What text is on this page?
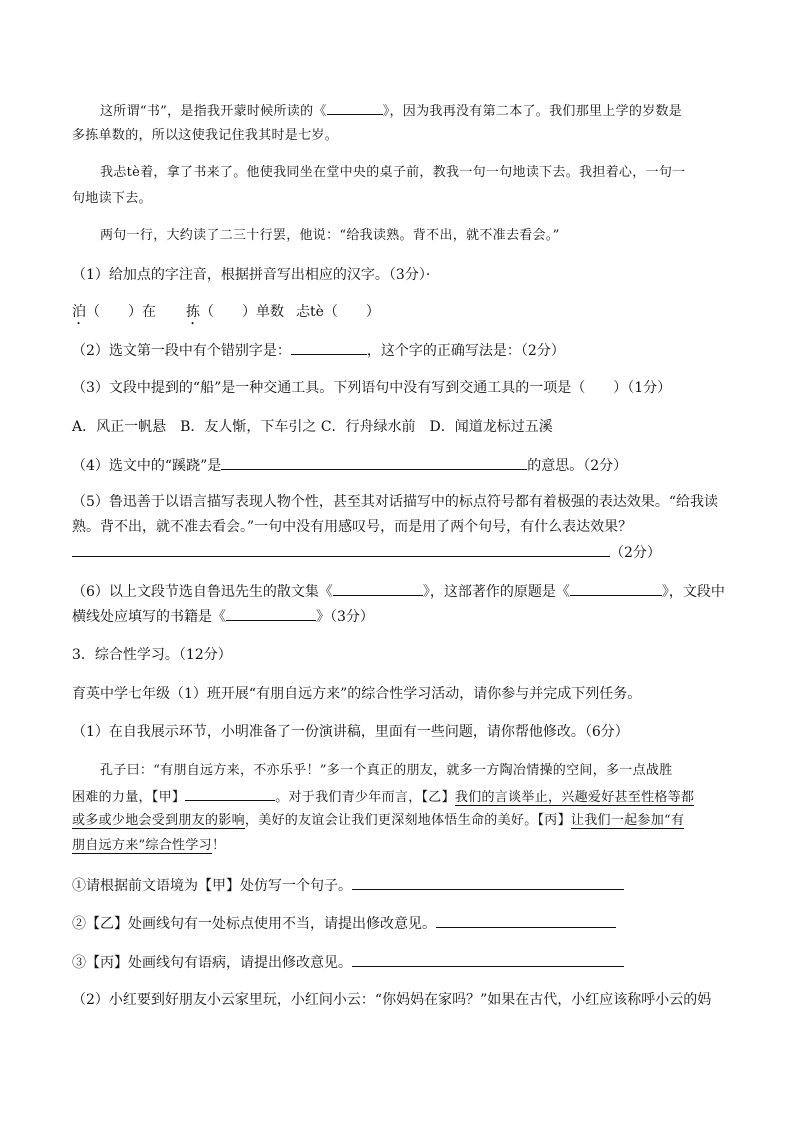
这所谓“书”，是指我开蒙时候所读的《	》，因为我再没有第二本了。我们那里上学的岁数是
多拣单数的，所以这使我记住我其时是七岁。
我忐tè着，拿了书来了。他使我同坐在堂中央的桌子前，教我一句一句地读下去。我担着心，一句一
句地读下去。
两句一行，大约读了二三十行罢，他说：“给我读熟。背不出，就不准去看会。”
（1）给加点的字注音，根据拼音写出相应的汉字。（3分）·
泊（　　）在 拣（　　）单数 忐tè（　　）
（2）选文第一段中有个错别字是：	，这个字的正确写法是：（2分）
（3）文段中提到的“船”是一种交通工具。下列语句中没有写到交通工具的一项是（　　）（1分）
A．风正一帆悬　B．友人惭，下车引之 C．行舟绿水前　D．闻道龙标过五溪
（4）选文中的“蹊跷”是	的意思。（2分）
（5）鲁迅善于以语言描写表现人物个性，甚至其对话描写中的标点符号都有着极强的表达效果。“给我读
熟。背不出，就不准去看会。”一句中没有用感叹号，而是用了两个句号，有什么表达效果？
（2分）
（6）以上文段节选自鲁迅先生的散文集《	》，这部著作的原题是《	》，文段中
横线处应填写的书籍是《	》（3分）
3．综合性学习。（12分）
育英中学七年级（1）班开展“有朋自远方来”的综合性学习活动，请你参与并完成下列任务。
（1）在自我展示环节，小明准备了一份演讲稿，里面有一些问题，请你帮他修改。（6分）
孔子曰：“有朋自远方来，不亦乐乎！”多一个真正的朋友，就多一方陶冶情操的空间，多一点战胜
困难的力量，【甲】	。对于我们青少年而言，【乙】我们的言谈举止，兴趣爱好甚至性格等都
或多或少地会受到朋友的影响，美好的友谊会让我们更深刻地体悟生命的美好。【丙】让我们一起参加“有
朋自远方来”综合性学习！
①请根据前文语境为【甲】处仿写一个句子。
②【乙】处画线句有一处标点使用不当，请提出修改意见。
③【丙】处画线句有语病，请提出修改意见。
（2）小红要到好朋友小云家里玩，小红问小云：“你妈妈在家吗？”如果在古代，小红应该称呼小云的妈
